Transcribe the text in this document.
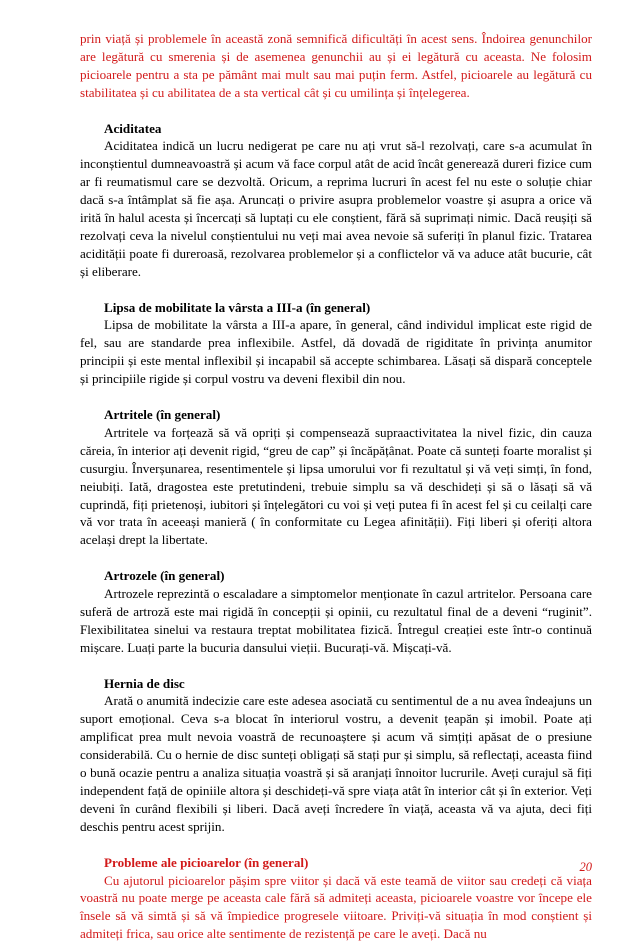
prin viață și problemele în această zonă semnifică dificultăți în acest sens. Îndoirea genunchilor are legătură cu smerenia și de asemenea genunchii au și ei legătură cu aceasta. Ne folosim picioarele pentru a sta pe pământ mai mult sau mai puțin ferm. Astfel, picioarele au legătură cu stabilitatea și cu abilitatea de a sta vertical cât și cu umilința și înțelegerea.

Aciditatea

Aciditatea indică un lucru nedigerat pe care nu ați vrut să-l rezolvați, care s-a acumulat în inconștientul dumneavoastră și acum vă face corpul atât de acid încât generează dureri fizice cum ar fi reumatismul care se dezvoltă. Oricum, a reprima lucruri în acest fel nu este o soluție chiar dacă s-a întâmplat să fie așa. Aruncați o privire asupra problemelor voastre și asupra a orice vă irită în halul acesta și încercați să luptați cu ele conștient, fără să suprimați nimic. Dacă reușiți să rezolvați ceva la nivelul conștientului nu veți mai avea nevoie să suferiți în planul fizic. Tratarea acidității poate fi dureroasă, rezolvarea problemelor și a conflictelor vă va aduce atât bucurie, cât și eliberare.

Lipsa de mobilitate la vârsta a III-a (în general)

Lipsa de mobilitate la vârsta a III-a apare, în general, când individul implicat este rigid de fel, sau are standarde prea inflexibile. Astfel, dă dovadă de rigiditate în privința anumitor principii și este mental inflexibil și incapabil să accepte schimbarea. Lăsați să dispară conceptele și principiile rigide și corpul vostru va deveni flexibil din nou.

Artritele (în general)

Artritele va forțează să vă opriți și compensează supraactivitatea la nivel fizic, din cauza căreia, în interior ați devenit rigid, “greu de cap” și încăpățânat. Poate că sunteți foarte moralist și cusurgiu. Înverșunarea, resentimentele și lipsa umorului vor fi rezultatul și vă veți simți, în fond, neiubiți. Iată, dragostea este pretutindeni, trebuie simplu sa vă deschideți și să o lăsați să vă cuprindă, fiți prietenoși, iubitori și înțelegători cu voi și veți putea fi în acest fel și cu ceilalți care vă vor trata în aceeași manieră ( în conformitate cu Legea afinității). Fiți liberi și oferiți altora același drept la libertate.

Artrozele (în general)

Artrozele reprezintă o escaladare a simptomelor menționate în cazul artritelor. Persoana care suferă de artroză este mai rigidă în concepții și opinii, cu rezultatul final de a deveni “ruginit”. Flexibilitatea sinelui va restaura treptat mobilitatea fizică. Întregul creației este într-o continuă mișcare. Luați parte la bucuria dansului vieții. Bucurați-vă. Mișcați-vă.

Hernia de disc

Arată o anumită indecizie care este adesea asociată cu sentimentul de a nu avea îndeajuns un suport emoțional. Ceva s-a blocat în interiorul vostru, a devenit țeapăn și imobil. Poate ați amplificat prea mult nevoia voastră de recunoaștere și acum vă simțiți apăsat de o presiune considerabilă. Cu o hernie de disc sunteți obligați să stați pur și simplu, să reflectați, aceasta fiind o bună ocazie pentru a analiza situația voastră și să aranjați înnoitor lucrurile. Aveți curajul să fiți independent față de opiniile altora și deschideți-vă spre viața atât în interior cât și în exterior. Veți deveni în curând flexibili și liberi. Dacă aveți încredere în viață, aceasta vă va ajuta, deci fiți deschis pentru acest sprijin.

Probleme ale picioarelor (în general)

Cu ajutorul picioarelor pășim spre viitor și dacă vă este teamă de viitor sau credeți că viața voastră nu poate merge pe aceasta cale fără să admiteți aceasta, picioarele voastre vor începe ele însele să vă simtă și să vă împiedice progresele viitoare. Priviți-vă situația în mod conștient și admiteți frica, sau orice alte sentimente de rezistență pe care le aveți. Dacă nu

20
